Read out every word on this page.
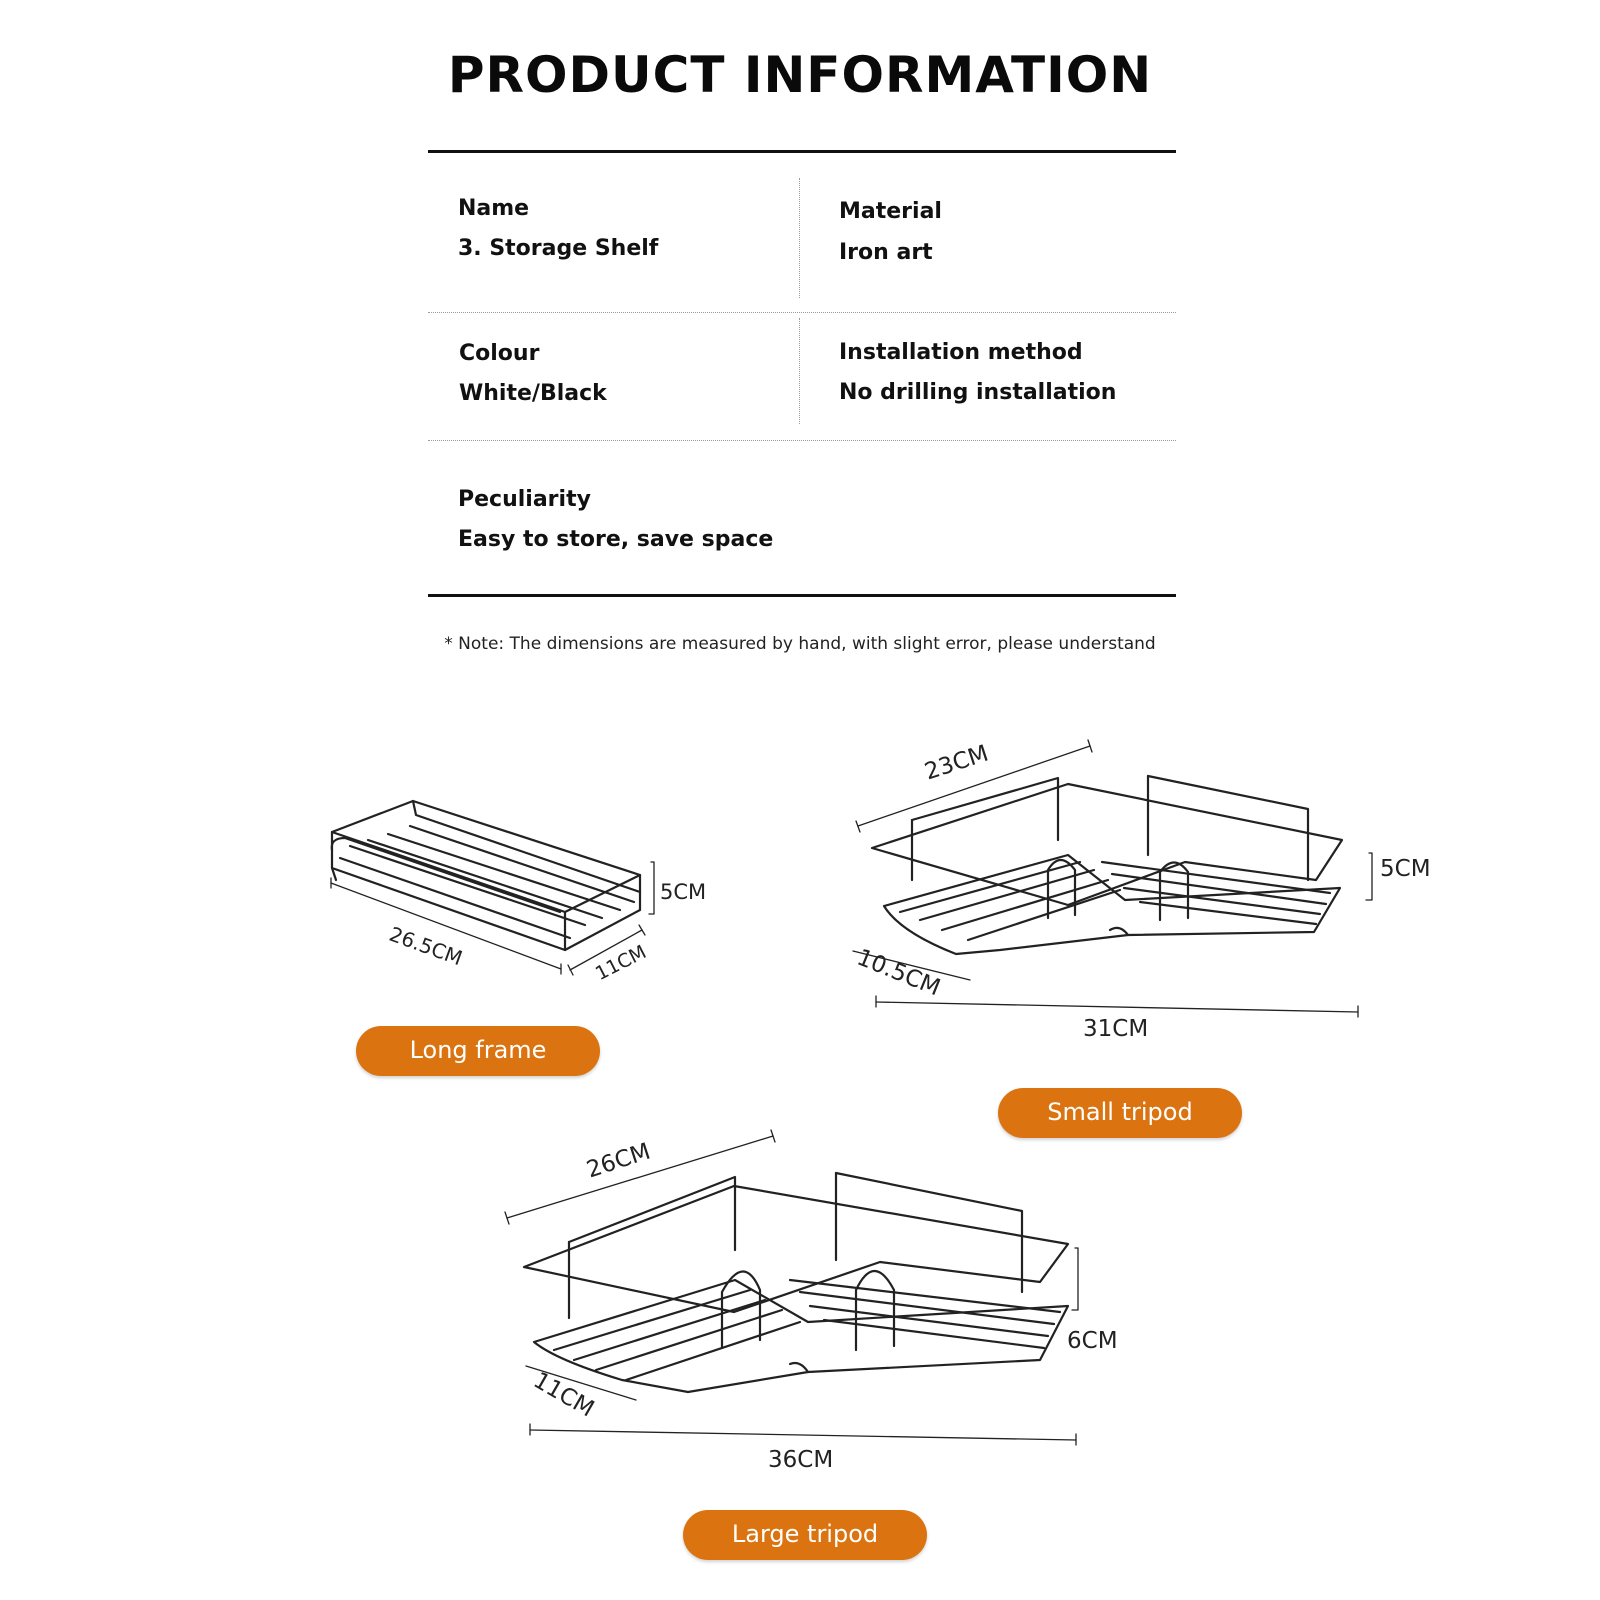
PRODUCT INFORMATION
Name
3. Storage Shelf
Material
Iron art
Colour
White/Black
Installation method
No drilling installation
Peculiarity
Easy to store, save space
* Note: The dimensions are measured by hand, with slight error, please understand
5CM
26.5CM	11CM
23CM
5CM
10.5CM
31CM
26CM
6CM
11CM
36CM
Long frame
Small tripod
Large tripod
